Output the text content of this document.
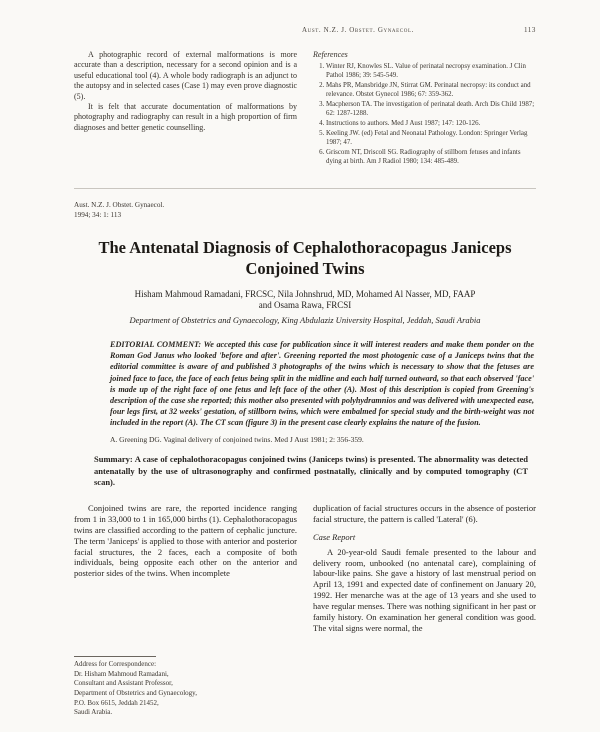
Aust. N.Z. J. Obstet. Gynaecol.	113

A photographic record of external malformations is more accurate than a description, necessary for a second opinion and is a useful educational tool (4). A whole body radiograph is an adjunct to the autopsy and in selected cases (Case 1) may even prove diagnostic (5).

It is felt that accurate documentation of malformations by photography and radiography can result in a high proportion of firm diagnoses and better genetic counselling.

References
1. Winter RJ, Knowles SL. Value of perinatal necropsy examination. J Clin Pathol 1986; 39: 545-549.
2. Mahs PR, Mansbridge JN, Stirrat GM. Perinatal necropsy: its conduct and relevance. Obstet Gynecol 1986; 67: 359-362.
3. Macpherson TA. The investigation of perinatal death. Arch Dis Child 1987; 62: 1287-1288.
4. Instructions to authors. Med J Aust 1987; 147: 120-126.
5. Keeling JW. (ed) Fetal and Neonatal Pathology. London: Springer Verlag 1987; 47.
6. Griscom NT, Driscoll SG. Radiography of stillborn fetuses and infants dying at birth. Am J Radiol 1980; 134: 485-489.
Aust. N.Z. J. Obstet. Gynaecol.
1994; 34: 1: 113
The Antenatal Diagnosis of Cephalothoracopagus Janiceps Conjoined Twins
Hisham Mahmoud Ramadani, FRCSC, Nila Johnshrud, MD, Mohamed Al Nasser, MD, FAAP
and Osama Rawa, FRCSI
Department of Obstetrics and Gynaecology, King Abdulaziz University Hospital, Jeddah, Saudi Arabia
EDITORIAL COMMENT: We accepted this case for publication since it will interest readers and make them ponder on the Roman God Janus who looked 'before and after'. Greening reported the most photogenic case of a Janiceps twins that the editorial committee is aware of and published 3 photographs of the twins which is necessary to show that the fetuses are joined face to face, the face of each fetus being split in the midline and each half turned outward, so that each observed 'face' is made up of the right face of one fetus and left face of the other (A). Most of this description is copied from Greening's description of the case she reported; this mother also presented with polyhydramnios and was delivered with unexpected ease, four legs first, at 32 weeks' gestation, of stillborn twins, which were embalmed for special study and the birth-weight was not included in the report (A). The CT scan (figure 3) in the present case clearly explains the nature of the fusion.
A. Greening DG. Vaginal delivery of conjoined twins. Med J Aust 1981; 2: 356-359.
Summary: A case of cephalothoracopagus conjoined twins (Janiceps twins) is presented. The abnormality was detected antenatally by the use of ultrasonography and confirmed postnatally, clinically and by computed tomography (CT scan).

Conjoined twins are rare, the reported incidence ranging from 1 in 33,000 to 1 in 165,000 births (1). Cephalothoracopagus twins are classified according to the pattern of cephalic juncture. The term 'Janiceps' is applied to those with anterior and posterior facial structures, the 2 faces, each a composite of both individuals, being opposite each other on the anterior and posterior sides of the twins. When incomplete

Address for Correspondence:
Dr. Hisham Mahmoud Ramadani,
Consultant and Assistant Professor,
Department of Obstetrics and Gynaecology,
P.O. Box 6615, Jeddah 21452,
Saudi Arabia.

duplication of facial structures occurs in the absence of posterior facial structure, the pattern is called 'Lateral' (6).

Case Report

A 20-year-old Saudi female presented to the labour and delivery room, unbooked (no antenatal care), complaining of labour-like pains. She gave a history of last menstrual period on April 13, 1991 and expected date of confinement on January 20, 1992. Her menarche was at the age of 13 years and she used to have regular menses. There was nothing significant in her past or family history. On examination her general condition was good. The vital signs were normal, the
